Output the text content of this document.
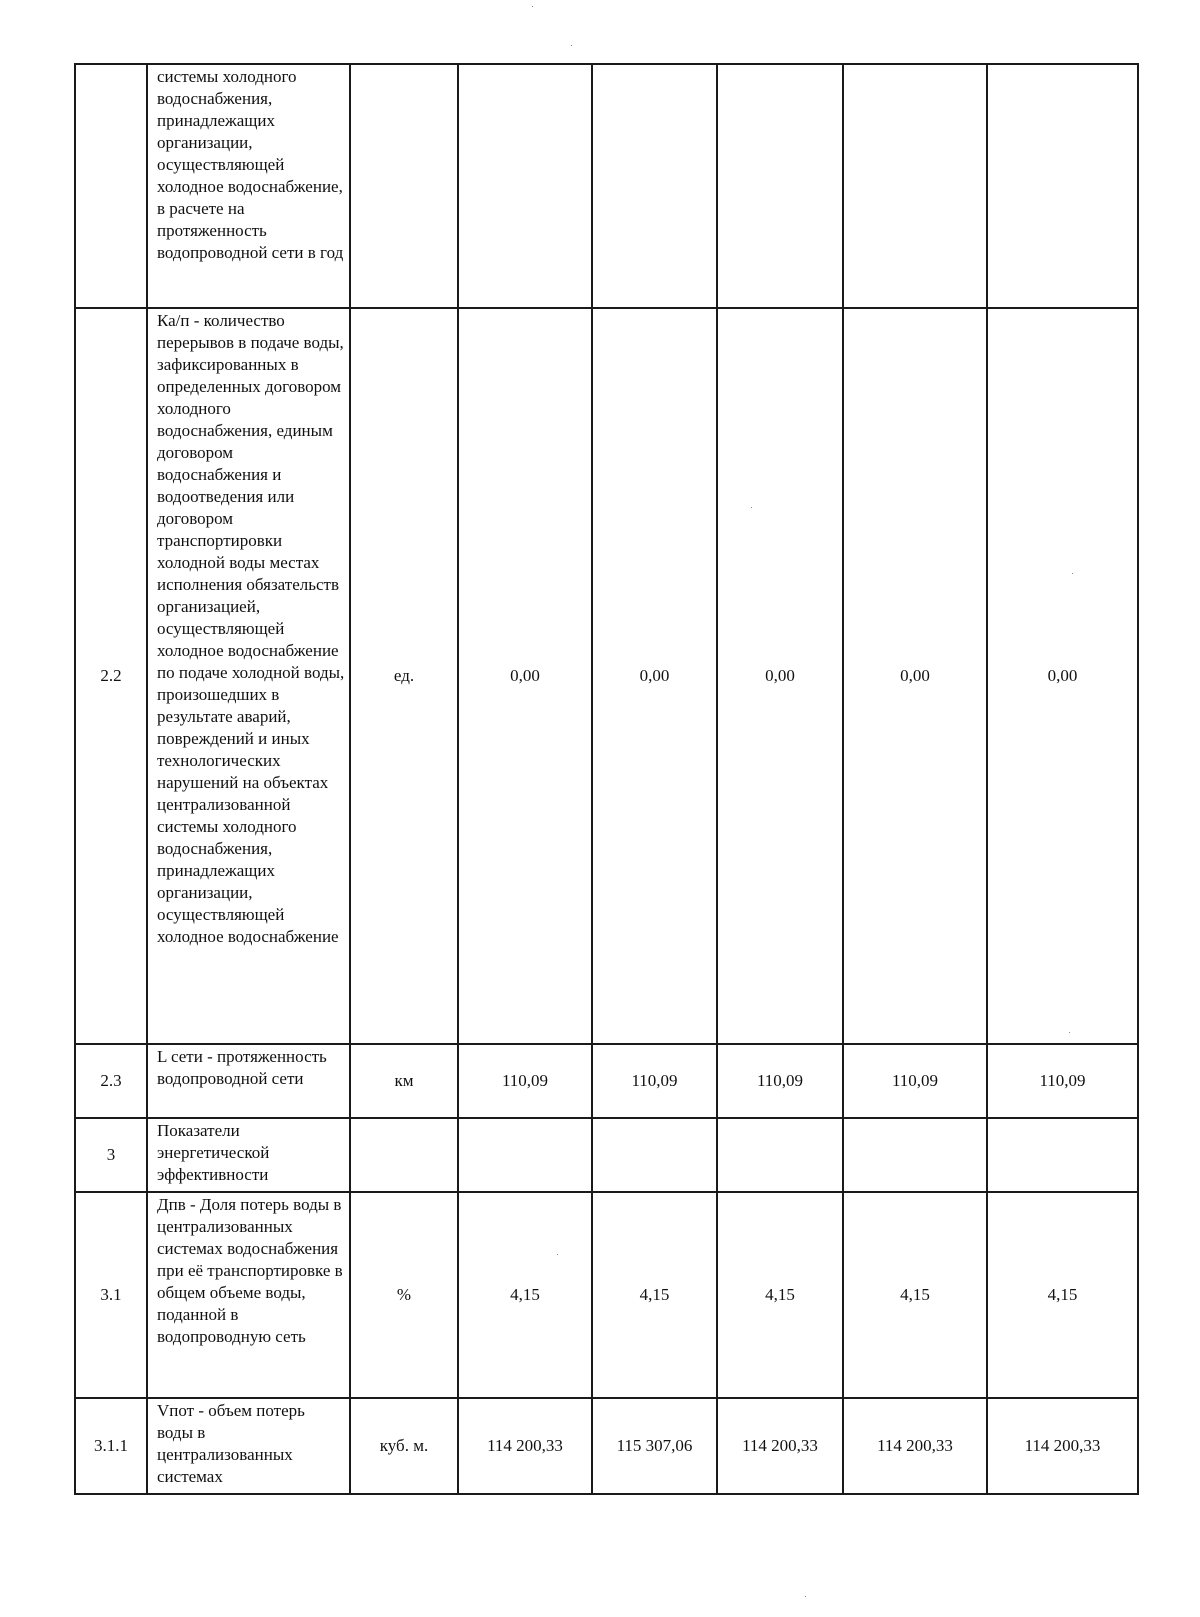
	системы холодного водоснабжения, принадлежащих организации, осуществляющей холодное водоснабжение, в расчете на протяженность водопроводной сети в год						
2.2	Ка/п - количество перерывов в подаче воды, зафиксированных в определенных договором холодного водоснабжения, единым договором водоснабжения и водоотведения или договором транспортировки холодной воды местах исполнения обязательств организацией, осуществляющей холодное водоснабжение по подаче холодной воды, произошедших в результате аварий, повреждений и иных технологических нарушений на объектах централизованной системы холодного водоснабжения, принадлежащих организации, осуществляющей холодное водоснабжение	ед.	0,00	0,00	0,00	0,00	0,00
2.3	L сети - протяженность водопроводной сети	км	110,09	110,09	110,09	110,09	110,09
3	Показатели энергетической эффективности						
3.1	Дпв - Доля потерь воды в централизованных системах водоснабжения при её транспортировке в общем объеме воды, поданной в водопроводную сеть	%	4,15	4,15	4,15	4,15	4,15
3.1.1	Vпот - объем потерь воды в централизованных системах	куб. м.	114 200,33	115 307,06	114 200,33	114 200,33	114 200,33
